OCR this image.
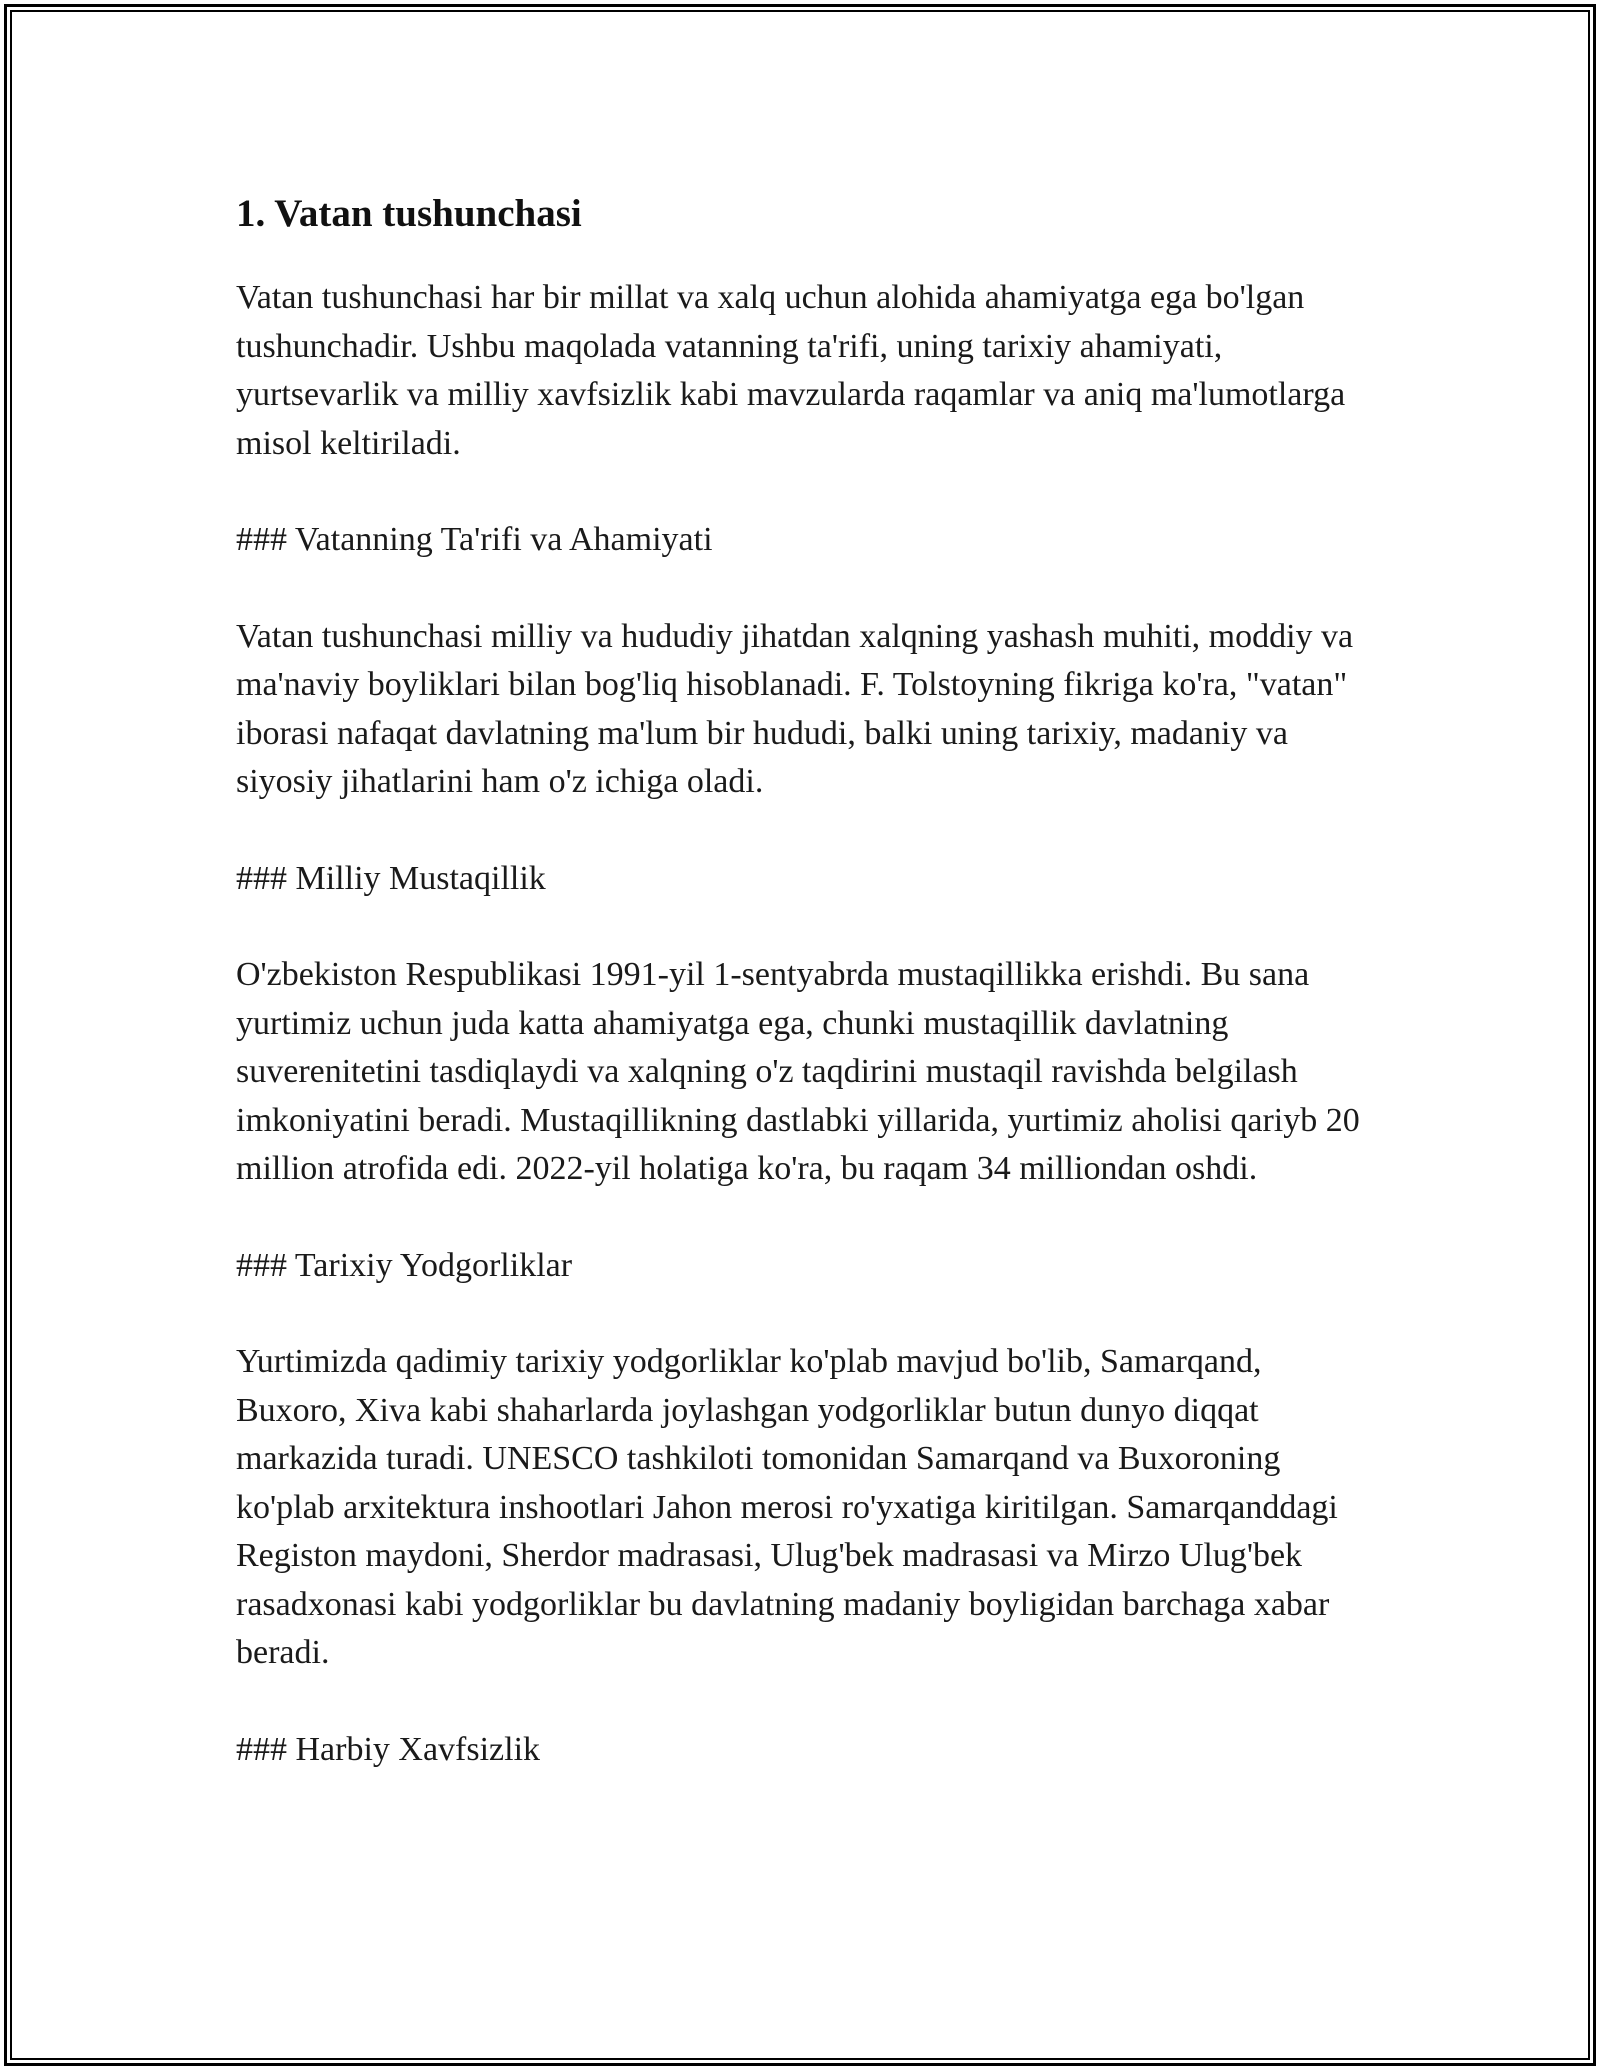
1. Vatan tushunchasi

Vatan tushunchasi har bir millat va xalq uchun alohida ahamiyatga ega bo'lgan tushunchadir. Ushbu maqolada vatanning ta'rifi, uning tarixiy ahamiyati, yurtsevarlik va milliy xavfsizlik kabi mavzularda raqamlar va aniq ma'lumotlarga misol keltiriladi.

### Vatanning Ta'rifi va Ahamiyati

Vatan tushunchasi milliy va hududiy jihatdan xalqning yashash muhiti, moddiy va ma'naviy boyliklari bilan bog'liq hisoblanadi. F. Tolstoyning fikriga ko'ra, "vatan" iborasi nafaqat davlatning ma'lum bir hududi, balki uning tarixiy, madaniy va siyosiy jihatlarini ham o'z ichiga oladi.

### Milliy Mustaqillik

O'zbekiston Respublikasi 1991-yil 1-sentyabrda mustaqillikka erishdi. Bu sana yurtimiz uchun juda katta ahamiyatga ega, chunki mustaqillik davlatning suverenitetini tasdiqlaydi va xalqning o'z taqdirini mustaqil ravishda belgilash imkoniyatini beradi. Mustaqillikning dastlabki yillarida, yurtimiz aholisi qariyb 20 million atrofida edi. 2022-yil holatiga ko'ra, bu raqam 34 milliondan oshdi.

### Tarixiy Yodgorliklar

Yurtimizda qadimiy tarixiy yodgorliklar ko'plab mavjud bo'lib, Samarqand, Buxoro, Xiva kabi shaharlarda joylashgan yodgorliklar butun dunyo diqqat markazida turadi. UNESCO tashkiloti tomonidan Samarqand va Buxoroning ko'plab arxitektura inshootlari Jahon merosi ro'yxatiga kiritilgan. Samarqanddagi Registon maydoni, Sherdor madrasasi, Ulug'bek madrasasi va Mirzo Ulug'bek rasadxonasi kabi yodgorliklar bu davlatning madaniy boyligidan barchaga xabar beradi.

### Harbiy Xavfsizlik
